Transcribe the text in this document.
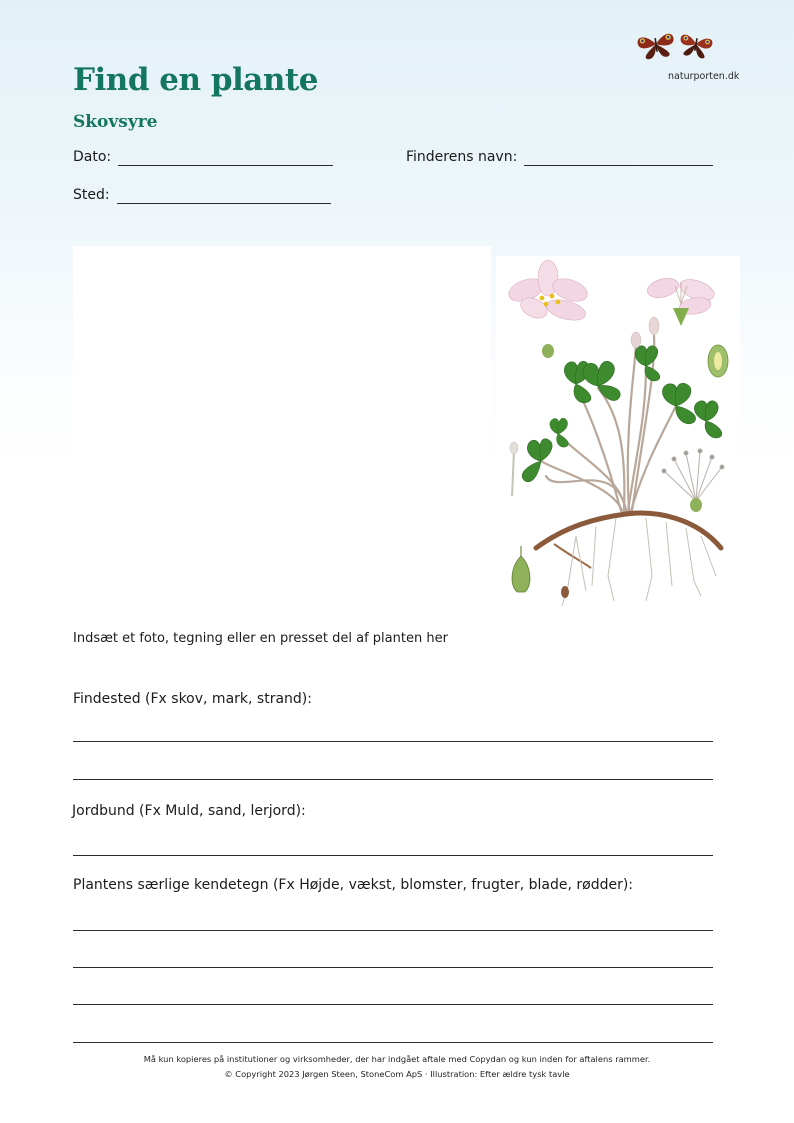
Find en plante
Skovsyre
naturporten.dk
Dato:	Finderens navn:
Sted:
Indsæt et foto, tegning eller en presset del af planten her
Findested (Fx skov, mark, strand):
Jordbund (Fx Muld, sand, lerjord):
Plantens særlige kendetegn (Fx Højde, vækst, blomster, frugter, blade, rødder):
Må kun kopieres på institutioner og virksomheder, der har indgået aftale med Copydan og kun inden for aftalens rammer.
© Copyright 2023 Jørgen Steen, StoneCom ApS · Illustration: Efter ældre tysk tavle
